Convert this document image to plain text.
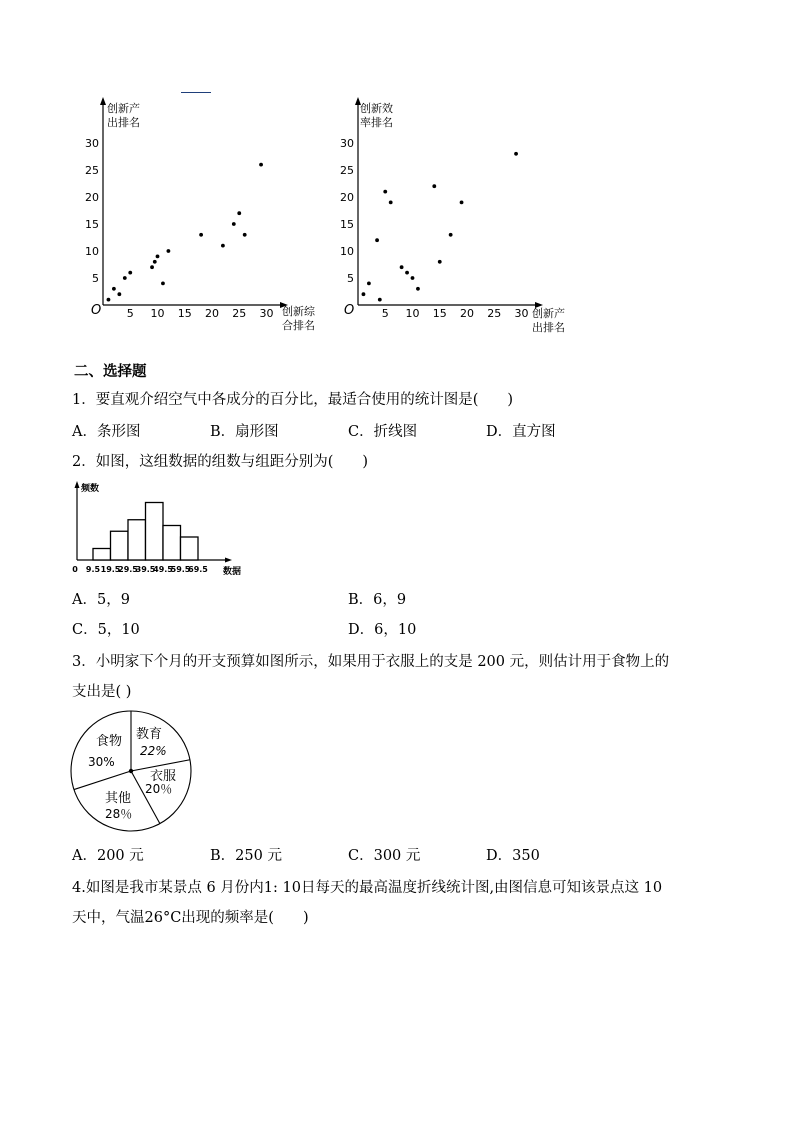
O
创新产
出排名
创新综
合排名
5 10 15 20 25 30
5
10
15
20
25
30
O
创新效
率排名
创新产
出排名
5 10 15 20 25 30
5
10
15
20
25
30
二、选择题
1．要直观介绍空气中各成分的百分比，最适合使用的统计图是(　　)
A．条形图	B．扇形图	C．折线图	D．直方图
2．如图，这组数据的组数与组距分别为(　　)
频数
数据
0 9.5 19.5
29.5
39.5
49.5
59.5
69.5
A．5，9	B．6，9
C．5，10	D．6，10
3．小明家下个月的开支预算如图所示，如果用于衣服上的支是 200 元，则估计用于食物上的
支出是( )
食物
30%
教育
22%
衣服
20％
其他
28％
A．200 元	B．250 元	C．300 元	D．350
4.如图是我市某景点 6 月份内1: 10日每天的最高温度折线统计图,由图信息可知该景点这 10
天中，气温26°C出现的频率是(　　)
